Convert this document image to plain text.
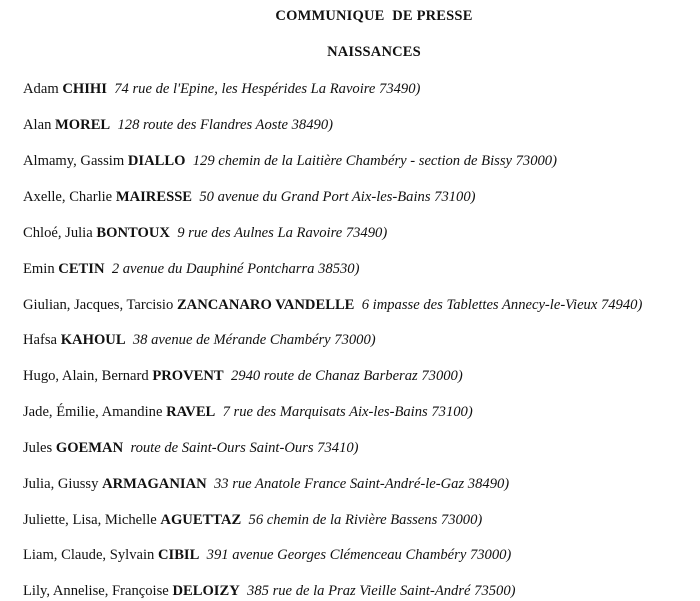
COMMUNIQUE  DE PRESSE
NAISSANCES
Adam CHIHI 74 rue de l'Epine, les Hespérides La Ravoire 73490)
Alan MOREL 128 route des Flandres Aoste 38490)
Almamy, Gassim DIALLO 129 chemin de la Laitière Chambéry - section de Bissy 73000)
Axelle, Charlie MAIRESSE 50 avenue du Grand Port Aix-les-Bains 73100)
Chloé, Julia BONTOUX 9 rue des Aulnes La Ravoire 73490)
Emin CETIN 2 avenue du Dauphiné Pontcharra 38530)
Giulian, Jacques, Tarcisio ZANCANARO VANDELLE 6 impasse des Tablettes Annecy-le-Vieux 74940)
Hafsa KAHOUL 38 avenue de Mérande Chambéry 73000)
Hugo, Alain, Bernard PROVENT 2940 route de Chanaz Barberaz 73000)
Jade, Émilie, Amandine RAVEL 7 rue des Marquisats Aix-les-Bains 73100)
Jules GOEMAN route de Saint-Ours Saint-Ours 73410)
Julia, Giussy ARMAGANIAN 33 rue Anatole France Saint-André-le-Gaz 38490)
Juliette, Lisa, Michelle AGUETTAZ 56 chemin de la Rivière Bassens 73000)
Liam, Claude, Sylvain CIBIL 391 avenue Georges Clémenceau Chambéry 73000)
Lily, Annelise, Françoise DELOIZY 385 rue de la Praz Vieille Saint-André 73500)
